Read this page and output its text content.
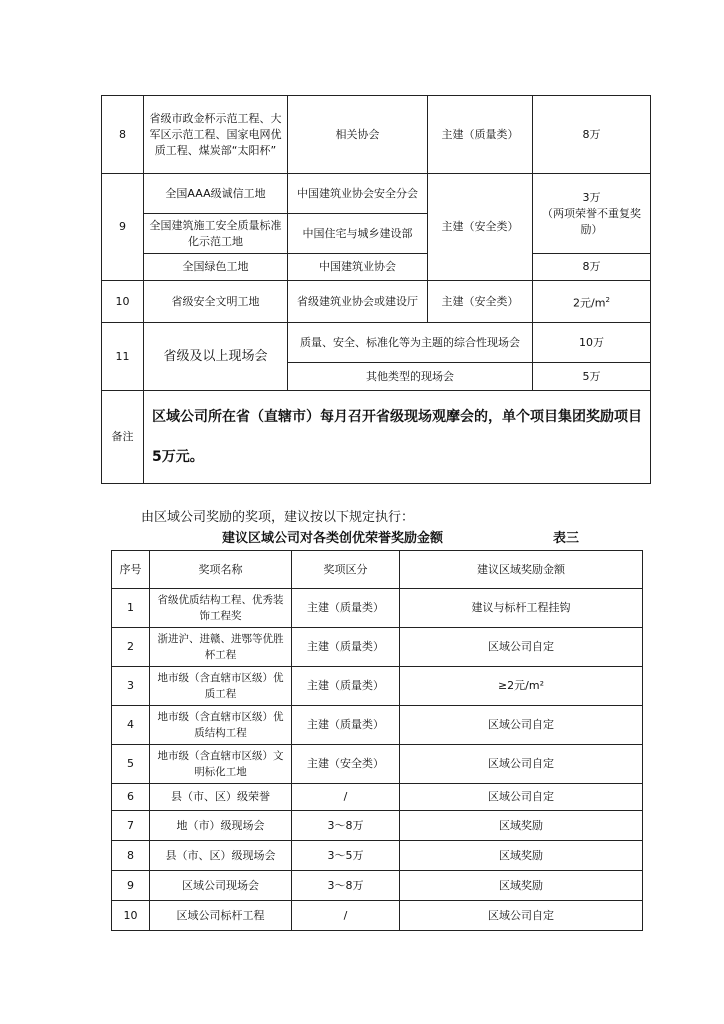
8	省级市政金杯示范工程、大军区示范工程、国家电网优质工程、煤炭部“太阳杯”	相关协会	主建（质量类）	8万
9	全国AAA级诚信工地	中国建筑业协会安全分会	主建（安全类）	3万
（两项荣誉不重复奖励）
	全国建筑施工安全质量标准化示范工地	中国住宅与城乡建设部		
	全国绿色工地	中国建筑业协会		8万
10	省级安全文明工地	省级建筑业协会或建设厅	主建（安全类）	2元$/m^2$
11	省级及以上现场会	质量、安全、标准化等为主题的综合性现场会		10万
		其他类型的现场会		5万
备注	区域公司所在省（直辖市）每月召开省级现场观摩会的，单个项目集团奖励项目5万元。			
由区域公司奖励的奖项，建议按以下规定执行：
建议区域公司对各类创优荣誉奖励金额	表三
序号	奖项名称	奖项区分	建议区域奖励金额
1	省级优质结构工程、优秀装饰工程奖	主建（质量类）	建议与标杆工程挂钩
2	浙进沪、进赣、进鄂等优胜杯工程	主建（质量类）	区域公司自定
3	地市级（含直辖市区级）优质工程	主建（质量类）	≥2元/m²
4	地市级（含直辖市区级）优质结构工程	主建（质量类）	区域公司自定
5	地市级（含直辖市区级）文明标化工地	主建（安全类）	区域公司自定
6	县（市、区）级荣誉	/	区域公司自定
7	地（市）级现场会	3～8万	区域奖励
8	县（市、区）级现场会	3～5万	区域奖励
9	区域公司现场会	3～8万	区域奖励
10	区域公司标杆工程	/	区域公司自定
